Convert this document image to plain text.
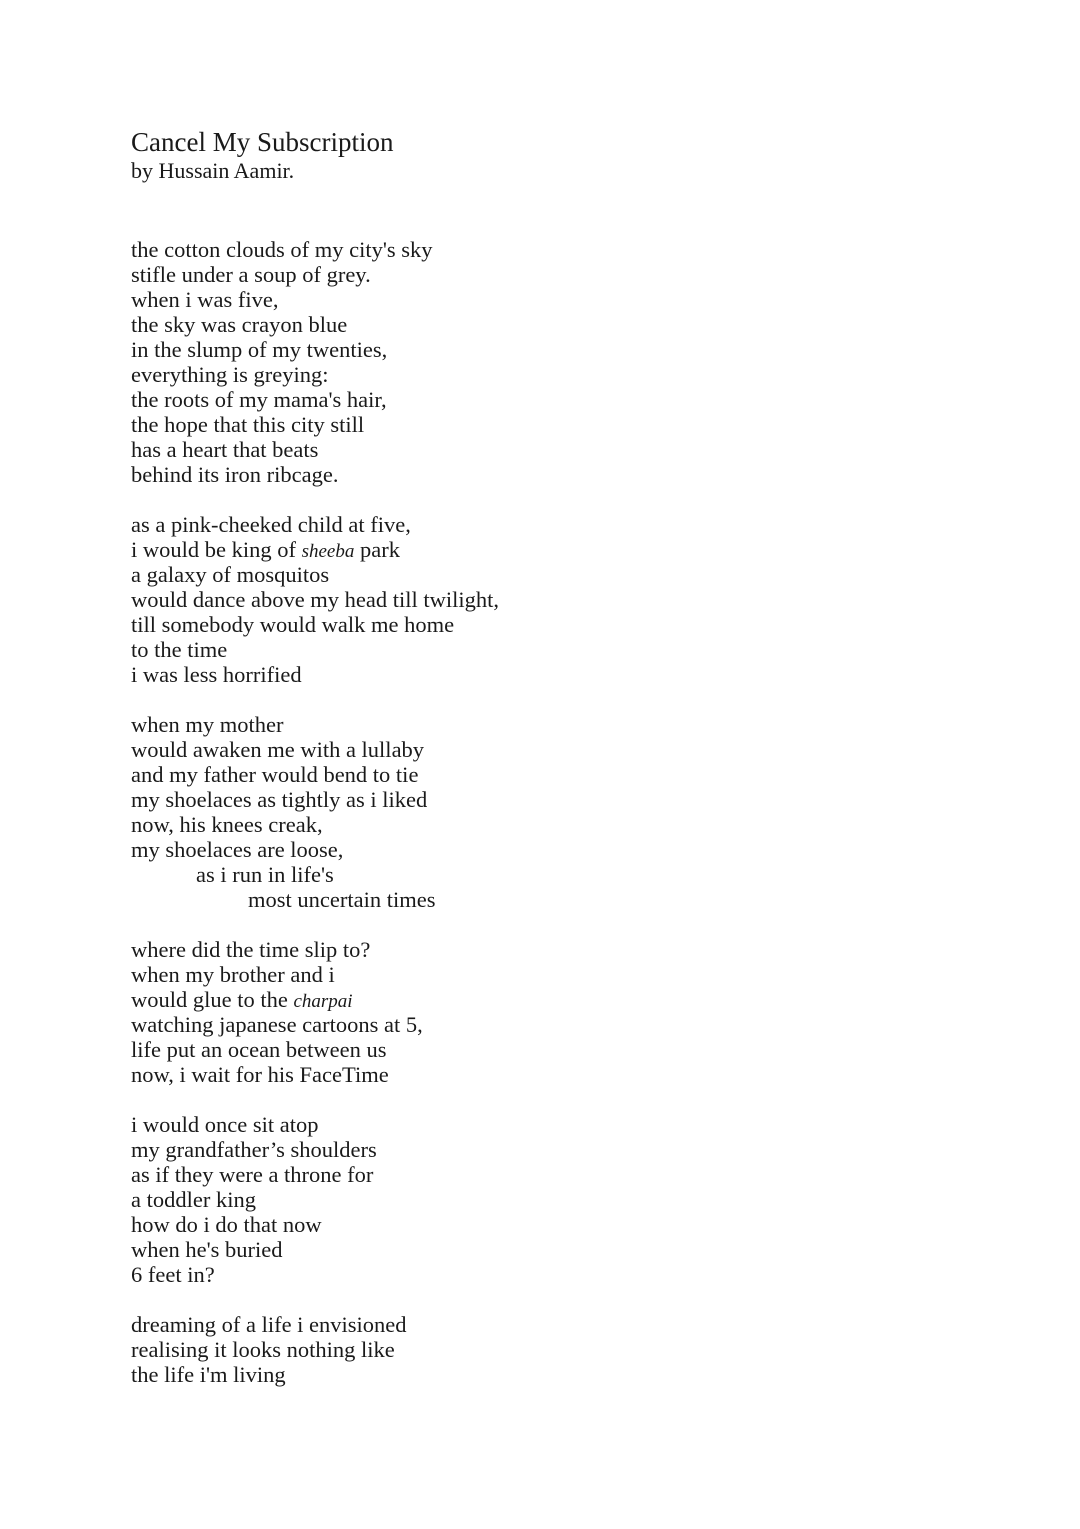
Cancel My Subscription

by Hussain Aamir.

the cotton clouds of my city's sky
stifle under a soup of grey.
when i was five,
the sky was crayon blue
in the slump of my twenties,
everything is greying:
the roots of my mama's hair,
the hope that this city still
has a heart that beats
behind its iron ribcage.
as a pink-cheeked child at five,
i would be king of sheeba park
a galaxy of mosquitos
would dance above my head till twilight,
till somebody would walk me home
to the time
i was less horrified
when my mother
would awaken me with a lullaby
and my father would bend to tie
my shoelaces as tightly as i liked
now, his knees creak,
my shoelaces are loose,
as i run in life's
most uncertain times
where did the time slip to?
when my brother and i
would glue to the charpai
watching japanese cartoons at 5,
life put an ocean between us
now, i wait for his FaceTime
i would once sit atop
my grandfather’s shoulders
as if they were a throne for
a toddler king
how do i do that now
when he's buried
6 feet in?
dreaming of a life i envisioned
realising it looks nothing like
the life i'm living
